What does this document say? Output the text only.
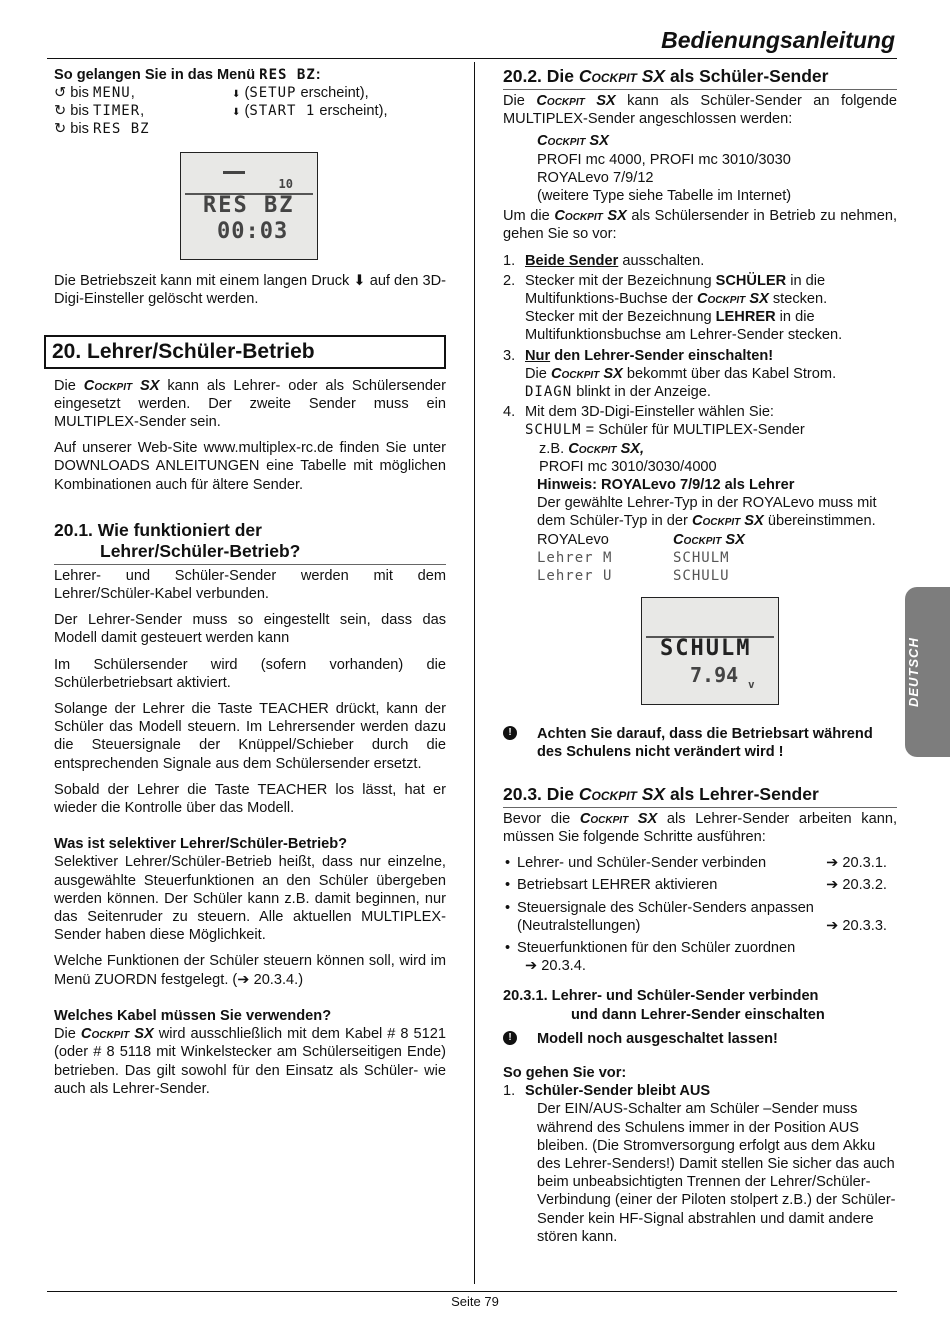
Bedienungsanleitung

So gelangen Sie in das Menü RES BZ:

↺ bis MENU,	⬇ (SETUP erscheint),
↻ bis TIMER,	⬇ (START 1 erscheint),
↻ bis RES BZ
10
RES BZ
00:03

Die Betriebszeit kann mit einem langen Druck ⬇ auf den 3D-Digi-Einsteller gelöscht werden.

20. Lehrer/Schüler-Betrieb

Die Cockpit SX kann als Lehrer- oder als Schülersender eingesetzt werden. Der zweite Sender muss ein MULTIPLEX-Sender sein.

Auf unserer Web-Site www.multiplex-rc.de finden Sie unter DOWNLOADS ANLEITUNGEN eine Tabelle mit möglichen Kombinationen auch für ältere Sender.

20.1. Wie funktioniert der
Lehrer/Schüler-Betrieb?

Lehrer- und Schüler-Sender werden mit dem Lehrer/Schüler-Kabel verbunden.

Der Lehrer-Sender muss so eingestellt sein, dass das Modell damit gesteuert werden kann

Im Schülersender wird (sofern vorhanden) die Schülerbetriebsart aktiviert.

Solange der Lehrer die Taste TEACHER drückt, kann der Schüler das Modell steuern. Im Lehrersender werden dazu die Steuersignale der Knüppel/Schieber durch die entsprechenden Signale aus dem Schülersender ersetzt.

Sobald der Lehrer die Taste TEACHER los lässt, hat er wieder die Kontrolle über das Modell.

Was ist selektiver Lehrer/Schüler-Betrieb?

Selektiver Lehrer/Schüler-Betrieb heißt, dass nur einzelne, ausgewählte Steuerfunktionen an den Schüler übergeben werden können. Der Schüler kann z.B. damit beginnen, nur das Seitenruder zu steuern. Alle aktuellen MULTIPLEX-Sender haben diese Möglichkeit.

Welche Funktionen der Schüler steuern können soll, wird im Menü ZUORDN festgelegt. (➔ 20.3.4.)

Welches Kabel müssen Sie verwenden?

Die Cockpit SX wird ausschließlich mit dem Kabel # 8 5121 (oder # 8 5118 mit Winkelstecker am Schülerseitigen Ende) betrieben. Das gilt sowohl für den Einsatz als Schüler- wie auch als Lehrer-Sender.

20.2. Die Cockpit SX als Schüler-Sender

Die Cockpit SX kann als Schüler-Sender an folgende MULTIPLEX-Sender angeschlossen werden:

Cockpit SX
PROFI mc 4000, PROFI mc 3010/3030
ROYALevo 7/9/12
(weitere Type siehe Tabelle im Internet)

Um die Cockpit SX als Schülersender in Betrieb zu nehmen, gehen Sie so vor:

1. Beide Sender ausschalten.
2. Stecker mit der Bezeichnung SCHÜLER in die Multifunktions-Buchse der Cockpit SX stecken.
Stecker mit der Bezeichnung LEHRER in die Multifunktionsbuchse am Lehrer-Sender stecken.
3. Nur den Lehrer-Sender einschalten!
Die Cockpit SX bekommt über das Kabel Strom.
DIAGN blinkt in der Anzeige.
4. Mit dem 3D-Digi-Einsteller wählen Sie:
SCHULM = Schüler für MULTIPLEX-Sender
z.B. Cockpit SX,
PROFI mc 3010/3030/4000
Hinweis: ROYALevo 7/9/12 als Lehrer
Der gewählte Lehrer-Typ in der ROYALevo muss mit dem Schüler-Typ in der Cockpit SX übereinstimmen.
ROYALevo	Cockpit SX
Lehrer M	SCHULM
Lehrer U	SCHULU
SCHULM
7.94 v
!	Achten Sie darauf, dass die Betriebsart während des Schulens nicht verändert wird !
20.3. Die Cockpit SX als Lehrer-Sender

Bevor die Cockpit SX als Lehrer-Sender arbeiten kann, müssen Sie folgende Schritte ausführen:

• Lehrer- und Schüler-Sender verbinden	➔ 20.3.1.
• Betriebsart LEHRER aktivieren	➔ 20.3.2.
• Steuersignale des Schüler-Senders anpassen (Neutralstellungen)	➔ 20.3.3.
• Steuerfunktionen für den Schüler zuordnen
➔ 20.3.4.
20.3.1. Lehrer- und Schüler-Sender verbinden
und dann Lehrer-Sender einschalten
!	Modell noch ausgeschaltet lassen!

So gehen Sie vor:

1. Schüler-Sender bleibt AUS
Der EIN/AUS-Schalter am Schüler –Sender muss während des Schulens immer in der Position AUS bleiben. (Die Stromversorgung erfolgt aus dem Akku des Lehrer-Senders!) Damit stellen Sie sicher das auch beim unbeabsichtigten Trennen der Lehrer/Schüler-Verbindung (einer der Piloten stolpert z.B.) der Schüler-Sender kein HF-Signal abstrahlen und damit andere stören kann.
DEUTSCH
Seite 79
